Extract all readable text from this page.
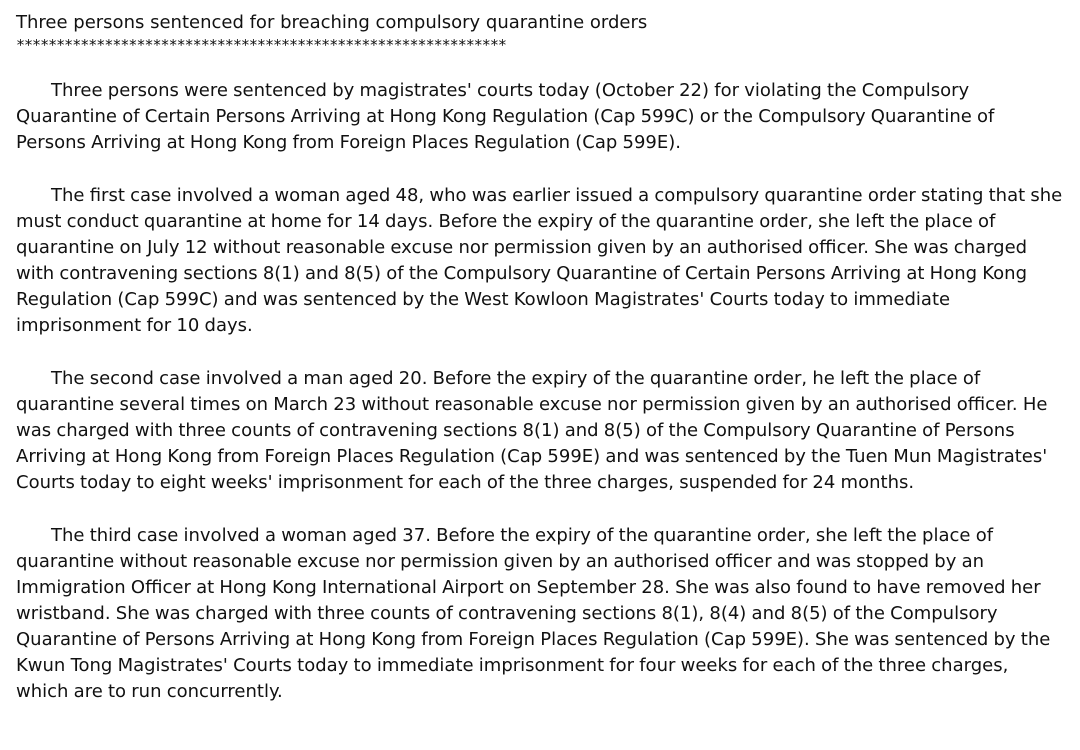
Three persons sentenced for breaching compulsory quarantine orders
*************************************************************

Three persons were sentenced by magistrates' courts today (October 22) for violating the Compulsory Quarantine of Certain Persons Arriving at Hong Kong Regulation (Cap 599C) or the Compulsory Quarantine of Persons Arriving at Hong Kong from Foreign Places Regulation (Cap 599E).

The first case involved a woman aged 48, who was earlier issued a compulsory quarantine order stating that she must conduct quarantine at home for 14 days. Before the expiry of the quarantine order, she left the place of quarantine on July 12 without reasonable excuse nor permission given by an authorised officer. She was charged with contravening sections 8(1) and 8(5) of the Compulsory Quarantine of Certain Persons Arriving at Hong Kong Regulation (Cap 599C) and was sentenced by the West Kowloon Magistrates' Courts today to immediate imprisonment for 10 days.

The second case involved a man aged 20. Before the expiry of the quarantine order, he left the place of quarantine several times on March 23 without reasonable excuse nor permission given by an authorised officer. He was charged with three counts of contravening sections 8(1) and 8(5) of the Compulsory Quarantine of Persons Arriving at Hong Kong from Foreign Places Regulation (Cap 599E) and was sentenced by the Tuen Mun Magistrates' Courts today to eight weeks' imprisonment for each of the three charges, suspended for 24 months.

The third case involved a woman aged 37. Before the expiry of the quarantine order, she left the place of quarantine without reasonable excuse nor permission given by an authorised officer and was stopped by an Immigration Officer at Hong Kong International Airport on September 28. She was also found to have removed her wristband. She was charged with three counts of contravening sections 8(1), 8(4) and 8(5) of the Compulsory Quarantine of Persons Arriving at Hong Kong from Foreign Places Regulation (Cap 599E). She was sentenced by the Kwun Tong Magistrates' Courts today to immediate imprisonment for four weeks for each of the three charges, which are to run concurrently.
